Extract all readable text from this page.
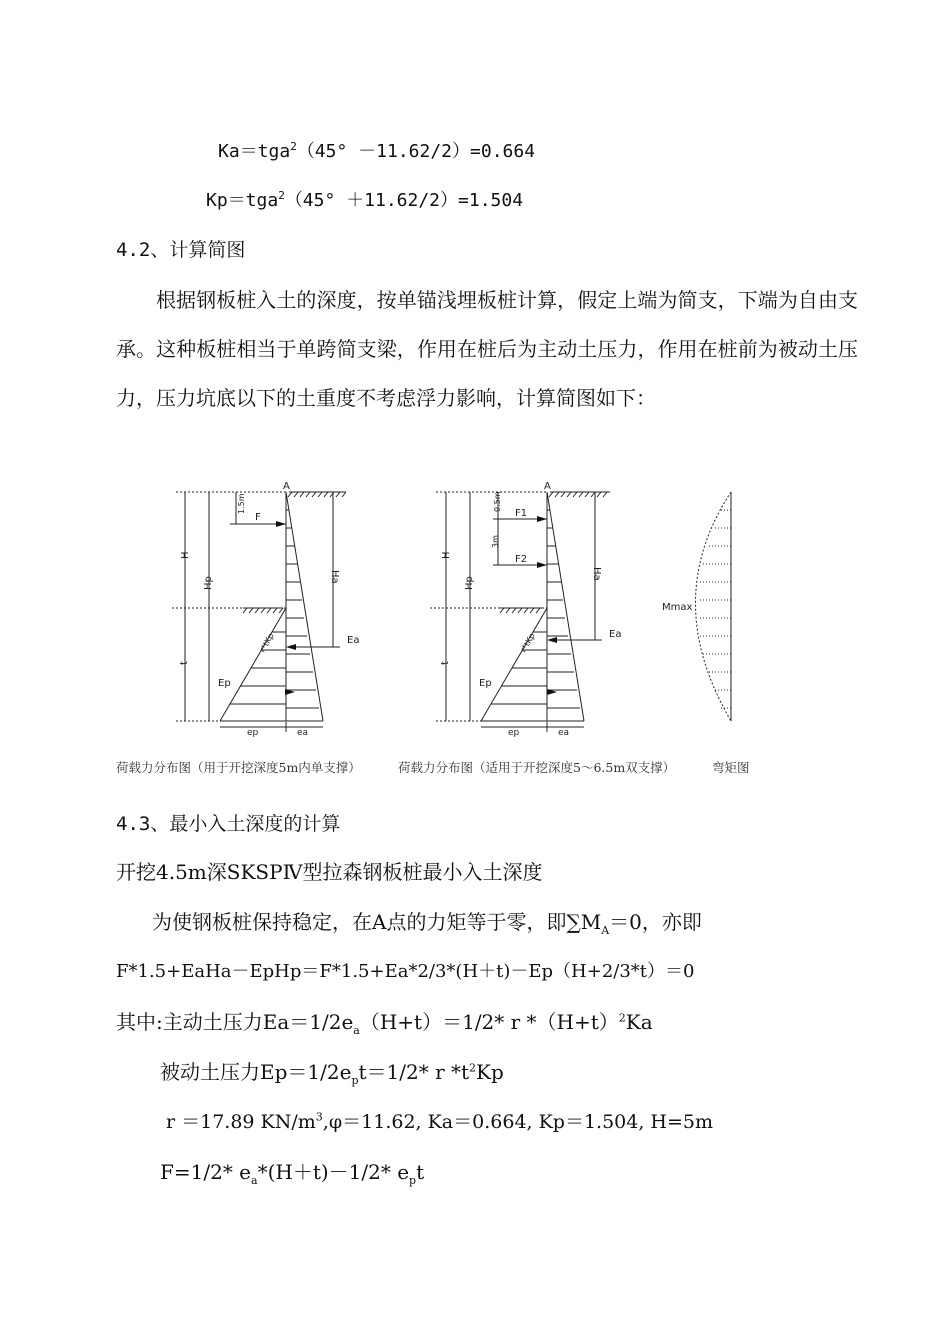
Ka＝tga$^2$（45° －11.62/2）=0.664
Kp＝tga$^2$（45° ＋11.62/2）=1.504
4.2、计算简图
根据钢板桩入土的深度，按单锚浅埋板桩计算，假定上端为简支，下端为自由支承。这种板桩相当于单跨简支梁，作用在桩后为主动土压力，作用在桩前为被动土压力，压力坑底以下的土重度不考虑浮力影响，计算简图如下：
A
H
Hp
t
1.5m
Ha
F
Ea
Ep
r*tKp
ep	ea
A
H
Hp
t
0.5m
3m
Ha
F1
F2
Ea
Ep
r*tKp
ep	ea
Mmax
荷载力分布图（用于开挖深度5m内单支撑）	荷载力分布图（适用于开挖深度5～6.5m双支撑）	弯矩图
4.3、最小入土深度的计算
开挖4.5m深SKSPⅣ型拉森钢板桩最小入土深度
为使钢板桩保持稳定，在A点的力矩等于零，即$\sum M_A=0$，亦即
F*1.5+EaHa－EpHp＝F*1.5+Ea*2/3*(H＋t)－Ep（H+2/3*t）＝0
其中:主动土压力$Ea=1/2e_a(H+t)=1/2*$ r $*(H+t)^2Ka$
被动土压力$Ep=1/2e_pt=1/2*$ r $*t^2Kp$
r ＝17.89 $KN/m^3,\varphi=11.62$, Ka＝0.664, Kp＝1.504, H=5m
F=1/2* $e_a*(H+t)-1/2*$ $e_pt$
